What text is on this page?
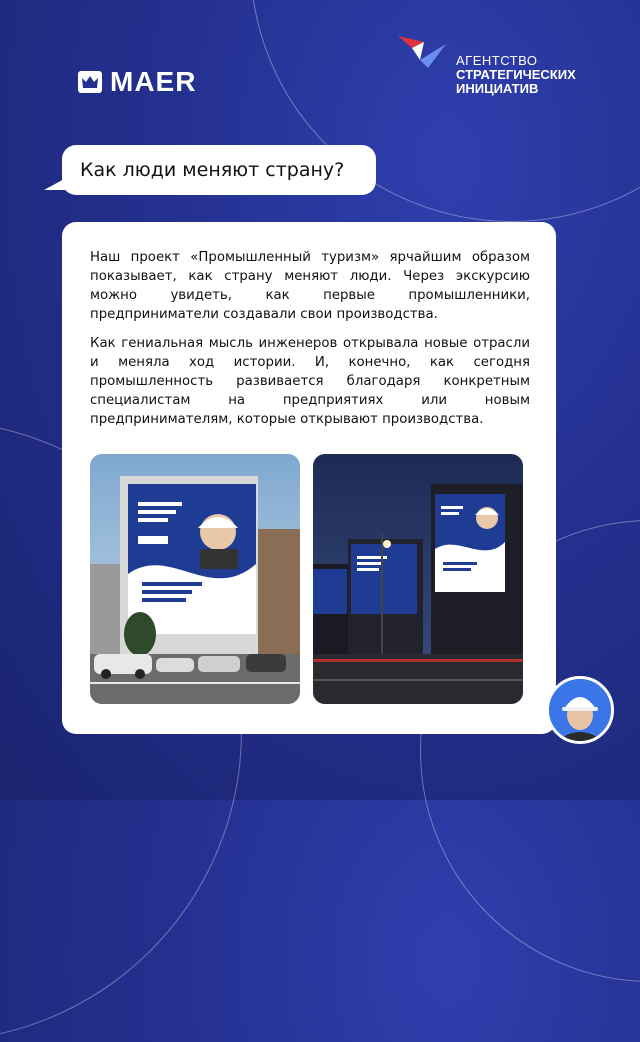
MAER
АГЕНТСТВО
СТРАТЕГИЧЕСКИХ
ИНИЦИАТИВ
Как люди меняют страну?

Наш проект «Промышленный туризм» ярчайшим образом показывает, как страну меняют люди. Через экскурсию можно увидеть, как первые промышленники, предприниматели создавали свои производства.

Как гениальная мысль инженеров открывала новые отрасли и меняла ход истории. И, конечно, как сегодня промышленность развивается благодаря конкретным специалистам на предприятиях или новым предпринимателям, которые открывают производства.
